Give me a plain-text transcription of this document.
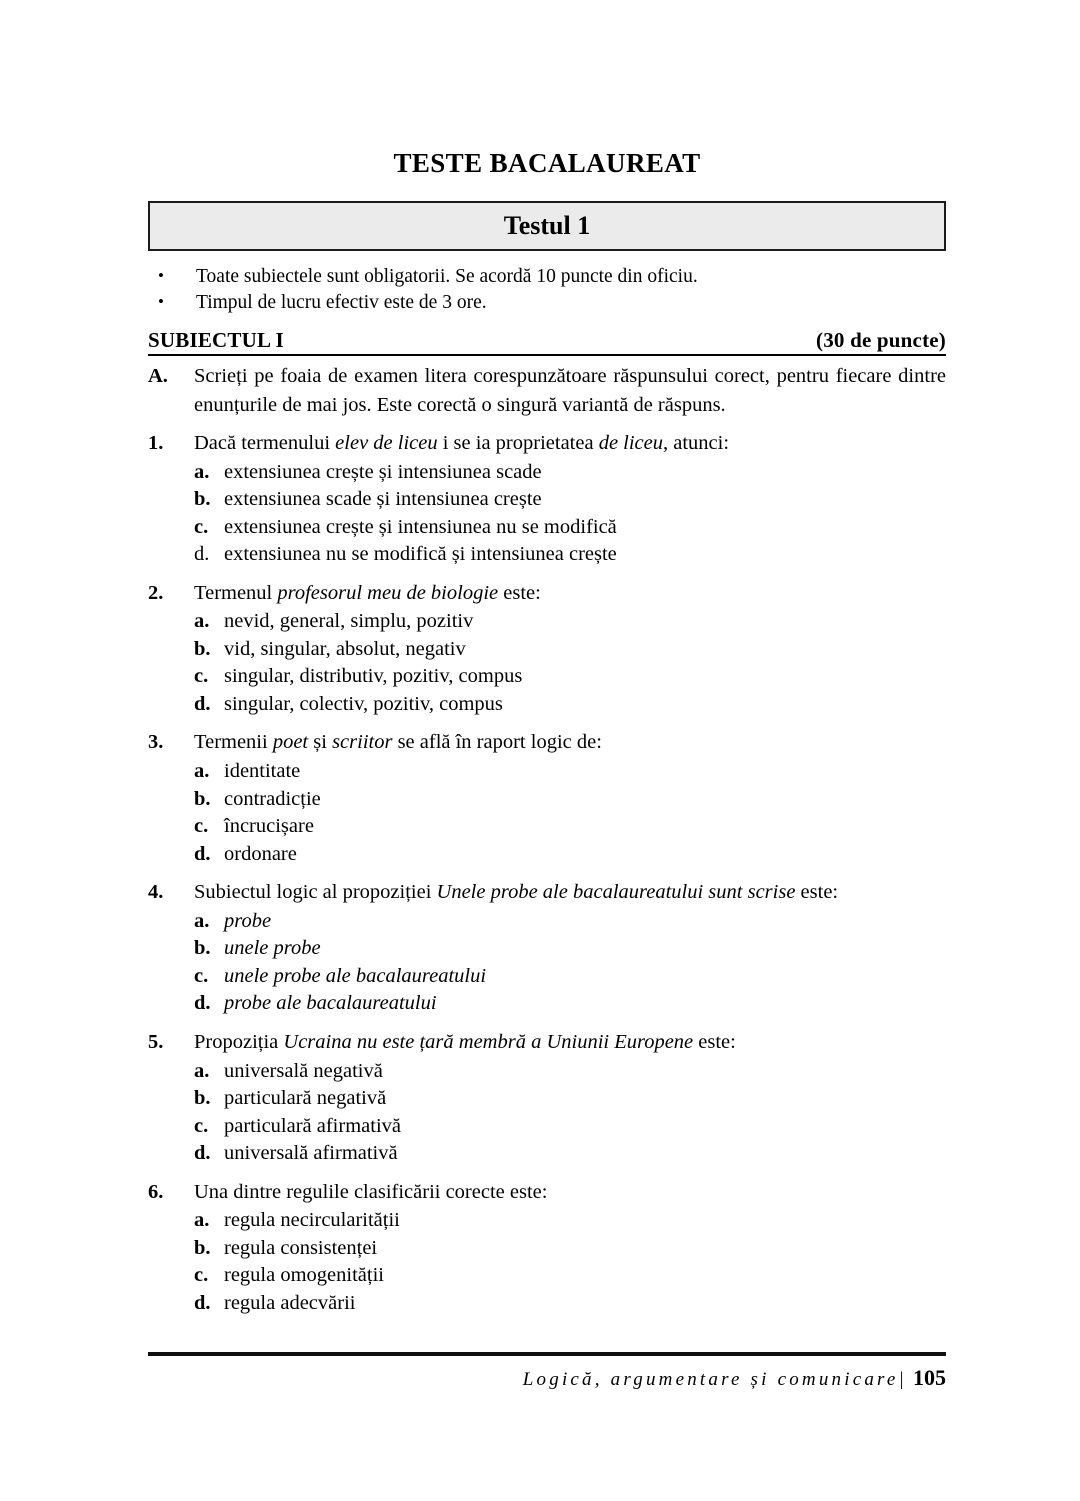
TESTE BACALAUREAT
Testul 1
• Toate subiectele sunt obligatorii. Se acordă 10 puncte din oficiu.
• Timpul de lucru efectiv este de 3 ore.
SUBIECTUL I	(30 de puncte)
A.	Scrieți pe foaia de examen litera corespunzătoare răspunsului corect, pentru fiecare dintre enunțurile de mai jos. Este corectă o singură variantă de răspuns.
1.	Dacă termenului elev de liceu i se ia proprietatea de liceu, atunci:
a. extensiunea crește și intensiunea scade
b. extensiunea scade și intensiunea crește
c. extensiunea crește și intensiunea nu se modifică
d. extensiunea nu se modifică și intensiunea crește
2.	Termenul profesorul meu de biologie este:
a. nevid, general, simplu, pozitiv
b. vid, singular, absolut, negativ
c. singular, distributiv, pozitiv, compus
d. singular, colectiv, pozitiv, compus
3.	Termenii poet și scriitor se află în raport logic de:
a. identitate
b. contradicție
c. încrucișare
d. ordonare
4.	Subiectul logic al propoziției Unele probe ale bacalaureatului sunt scrise este:
a. probe
b. unele probe
c. unele probe ale bacalaureatului
d. probe ale bacalaureatului
5.	Propoziția Ucraina nu este țară membră a Uniunii Europene este:
a. universală negativă
b. particulară negativă
c. particulară afirmativă
d. universală afirmativă
6.	Una dintre regulile clasificării corecte este:
a. regula necircularității
b. regula consistenței
c. regula omogenității
d. regula adecvării
Logică, argumentare și comunicare| 105
